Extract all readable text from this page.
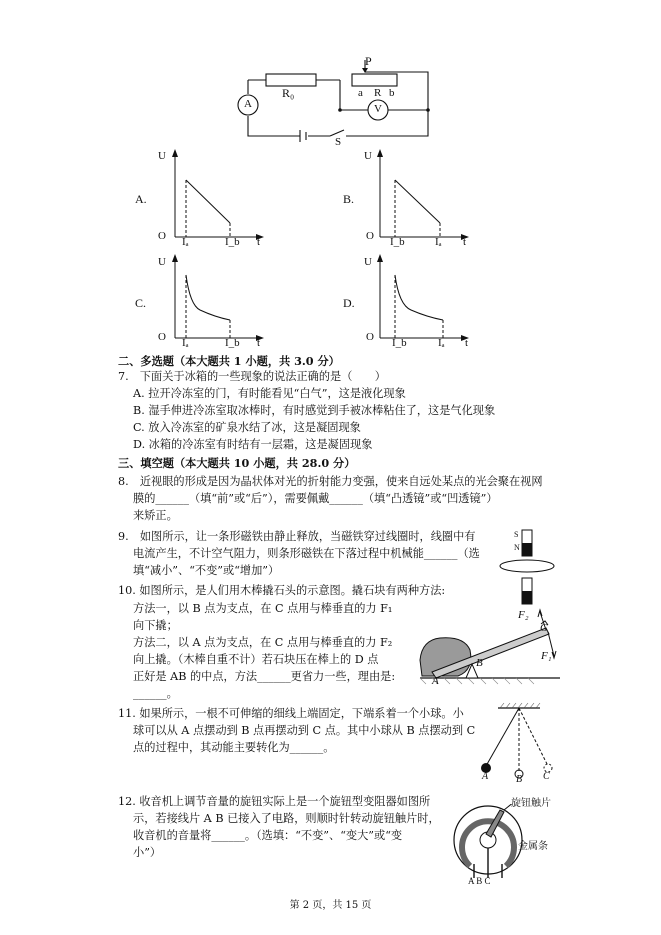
A
R₀
P
a R b
V
S
A.
U
O Iₐ	I_b t
B.
U
O I_b	Iₐ t
C.
U
O Iₐ	I_b t
D.
U
O I_b	Iₐ t
二、多选题（本大题共 1 小题，共 3.0 分）
7.　下面关于冰箱的一些现象的说法正确的是（　　）
A. 拉开冷冻室的门，有时能看见“白气”，这是液化现象
B. 湿手伸进冷冻室取冰棒时，有时感觉到手被冰棒粘住了，这是气化现象
C. 放入冷冻室的矿泉水结了冰，这是凝固现象
D. 冰箱的冷冻室有时结有一层霜，这是凝固现象
三、填空题（本大题共 10 小题，共 28.0 分）
8.　近视眼的形成是因为晶状体对光的折射能力变强，使来自远处某点的光会聚在视网
膜的______（填“前”或“后”），需要佩戴______（填“凸透镜”或“凹透镜”）
来矫正。
9.　如图所示，让一条形磁铁由静止释放，当磁铁穿过线圈时，线圈中有
电流产生，不计空气阻力，则条形磁铁在下落过程中机械能______（选
填“减小”、“不变”或“增加”）
S
N
10. 如图所示，是人们用木棒撬石头的示意图。撬石块有两种方法:
方法一，以 B 点为支点，在 C 点用与棒垂直的力 F₁
向下撬；
方法二，以 A 点为支点，在 C 点用与棒垂直的力 F₂
向上撬。（木棒自重不计）若石块压在棒上的 D 点
正好是 AB 的中点，方法______更省力一些，理由是:
______。
F₂
C
F₁
B
A
11. 如果所示，一根不可伸缩的细线上端固定，下端系着一个小球。小
球可以从 A 点摆动到 B 点再摆动到 C 点。其中小球从 B 点摆动到 C
点的过程中，其动能主要转化为______。
A	B C
12. 收音机上调节音量的旋钮实际上是一个旋钮型变阻器如图所
示，若接线片 A B 已接入了电路，则顺时针转动旋钮触片时，
收音机的音量将______。（选填：“不变”、“变大”或“变
小”）
旋钮触片
金属条
A B C
第 2 页，共 15 页
